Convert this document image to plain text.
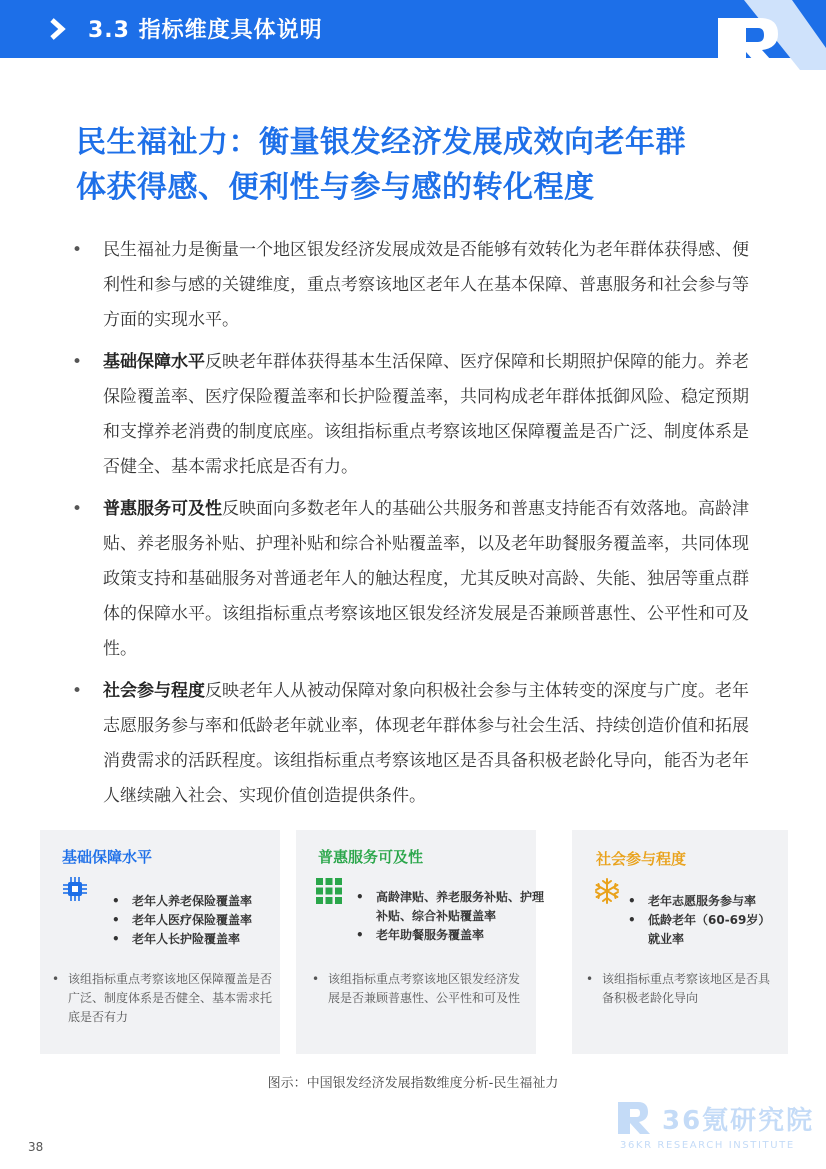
3.3 指标维度具体说明
民生福祉力：衡量银发经济发展成效向老年群
体获得感、便利性与参与感的转化程度
• 民生福祉力是衡量一个地区银发经济发展成效是否能够有效转化为老年群体获得感、便利性和参与感的关键维度，重点考察该地区老年人在基本保障、普惠服务和社会参与等方面的实现水平。
• 基础保障水平反映老年群体获得基本生活保障、医疗保障和长期照护保障的能力。养老保险覆盖率、医疗保险覆盖率和长护险覆盖率，共同构成老年群体抵御风险、稳定预期和支撑养老消费的制度底座。该组指标重点考察该地区保障覆盖是否广泛、制度体系是否健全、基本需求托底是否有力。
• 普惠服务可及性反映面向多数老年人的基础公共服务和普惠支持能否有效落地。高龄津贴、养老服务补贴、护理补贴和综合补贴覆盖率，以及老年助餐服务覆盖率，共同体现政策支持和基础服务对普通老年人的触达程度，尤其反映对高龄、失能、独居等重点群体的保障水平。该组指标重点考察该地区银发经济发展是否兼顾普惠性、公平性和可及性。
• 社会参与程度反映老年人从被动保障对象向积极社会参与主体转变的深度与广度。老年志愿服务参与率和低龄老年就业率，体现老年群体参与社会生活、持续创造价值和拓展消费需求的活跃程度。该组指标重点考察该地区是否具备积极老龄化导向，能否为老年人继续融入社会、实现价值创造提供条件。
基础保障水平
• 老年人养老保险覆盖率
• 老年人医疗保险覆盖率
• 老年人长护险覆盖率
• 该组指标重点考察该地区保障覆盖是否广泛、制度体系是否健全、基本需求托底是否有力
普惠服务可及性
• 高龄津贴、养老服务补贴、护理补贴、综合补贴覆盖率
• 老年助餐服务覆盖率
• 该组指标重点考察该地区银发经济发展是否兼顾普惠性、公平性和可及性
社会参与程度
• 老年志愿服务参与率
• 低龄老年（60-69岁）就业率
• 该组指标重点考察该地区是否具备积极老龄化导向
图示：中国银发经济发展指数维度分析-民生福祉力
38
36氪研究院
36KR RESEARCH INSTITUTE
